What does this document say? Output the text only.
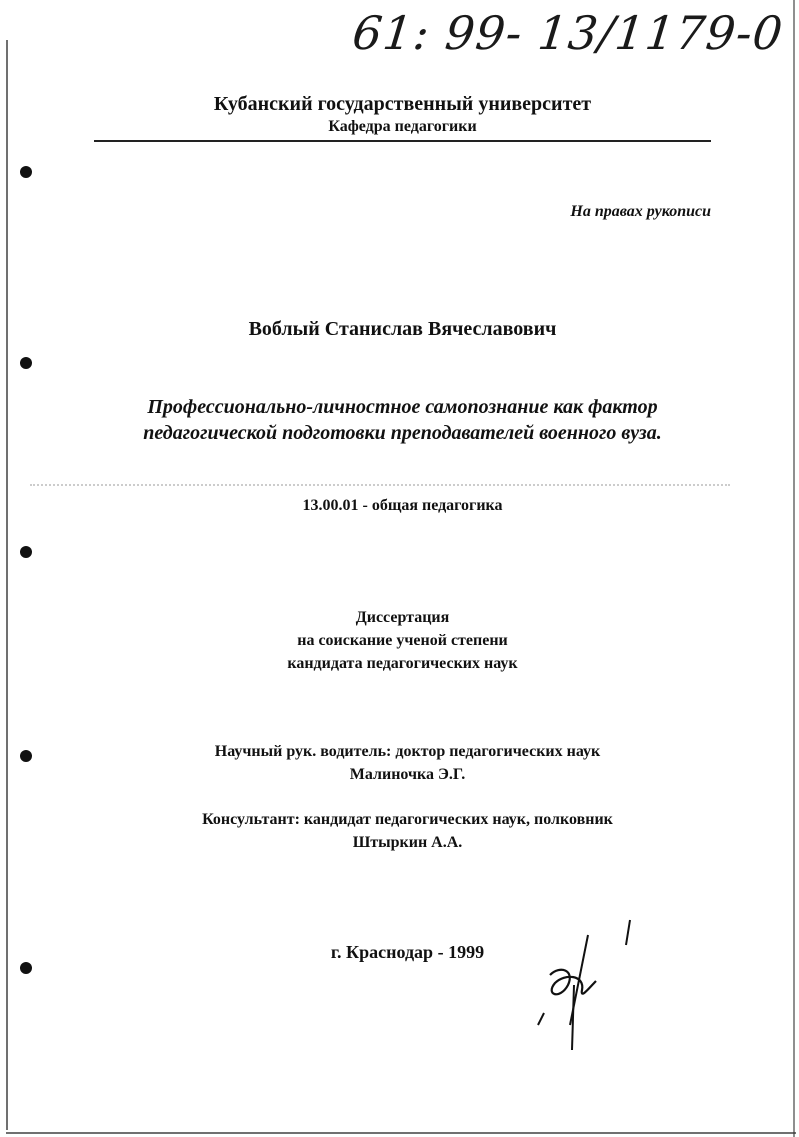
61: 99- 13/1179-0
Кубанский государственный университет
Кафедра педагогики
На правах рукописи
Воблый Станислав Вячеславович
Профессионально-личностное самопознание как фактор
педагогической подготовки преподавателей военного вуза.
13.00.01 - общая педагогика
Диссертация
на соискание ученой степени
кандидата педагогических наук
Научный рук. водитель: доктор педагогических наук
Малиночка Э.Г.
Консультант: кандидат педагогических наук, полковник
Штыркин А.А.
г. Краснодар - 1999
